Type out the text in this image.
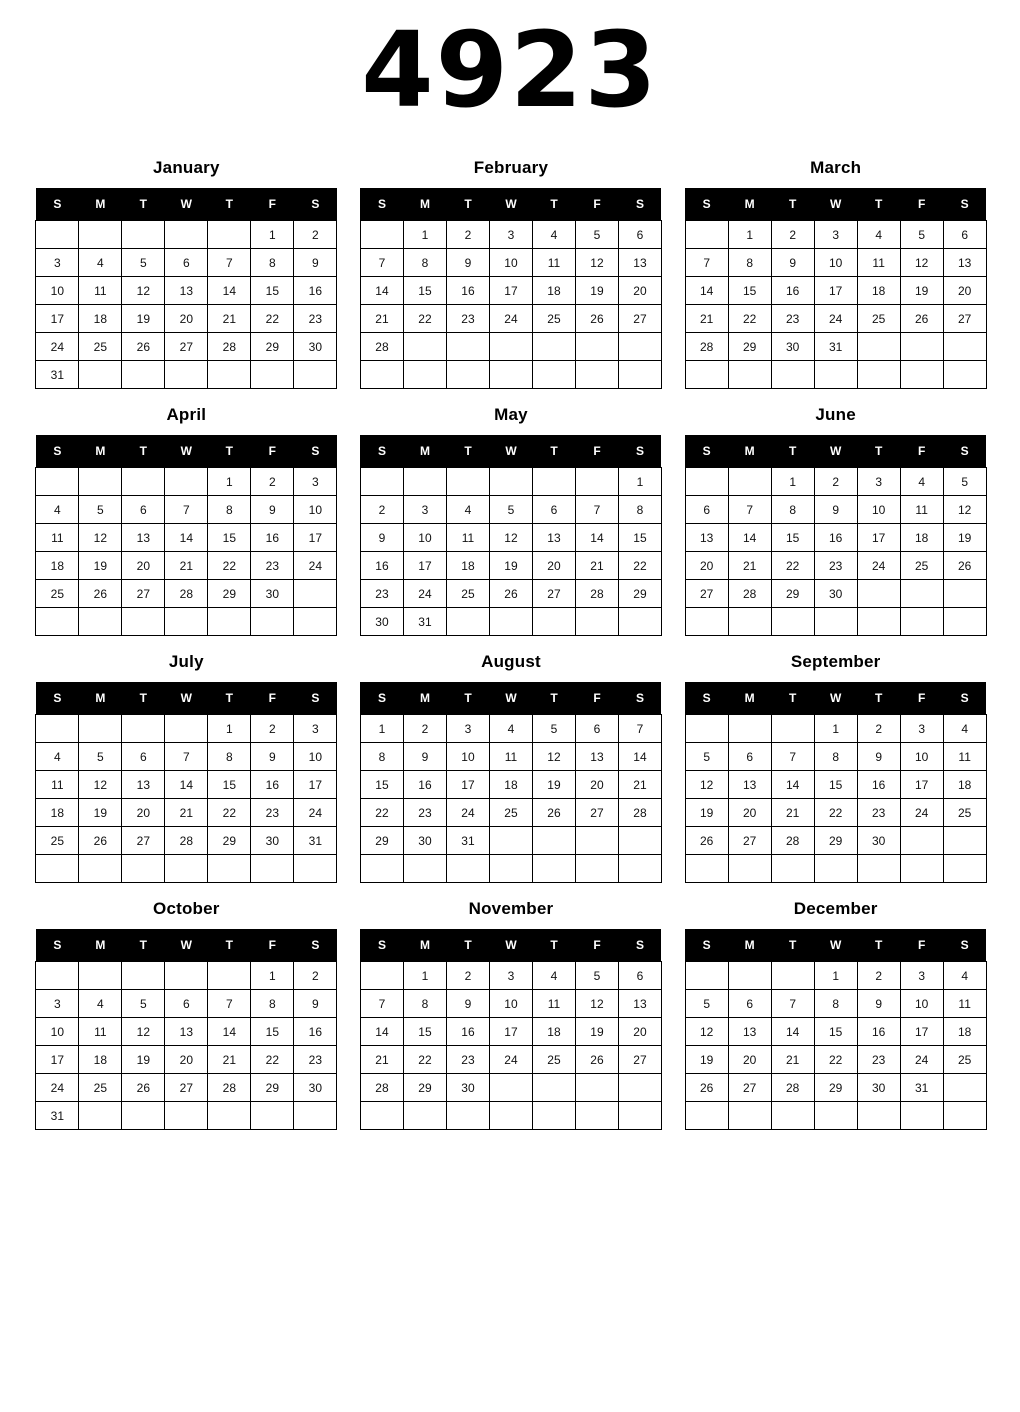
4923
January
S	M	T	W	T	F	S
					1	2
3	4	5	6	7	8	9
10	11	12	13	14	15	16
17	18	19	20	21	22	23
24	25	26	27	28	29	30
31						
February
S	M	T	W	T	F	S
	1	2	3	4	5	6
7	8	9	10	11	12	13
14	15	16	17	18	19	20
21	22	23	24	25	26	27
28						

March
S	M	T	W	T	F	S
	1	2	3	4	5	6
7	8	9	10	11	12	13
14	15	16	17	18	19	20
21	22	23	24	25	26	27
28	29	30	31			

April
S	M	T	W	T	F	S
				1	2	3
4	5	6	7	8	9	10
11	12	13	14	15	16	17
18	19	20	21	22	23	24
25	26	27	28	29	30	

May
S	M	T	W	T	F	S
						1
2	3	4	5	6	7	8
9	10	11	12	13	14	15
16	17	18	19	20	21	22
23	24	25	26	27	28	29
30	31					
June
S	M	T	W	T	F	S
		1	2	3	4	5
6	7	8	9	10	11	12
13	14	15	16	17	18	19
20	21	22	23	24	25	26
27	28	29	30			

July
S	M	T	W	T	F	S
				1	2	3
4	5	6	7	8	9	10
11	12	13	14	15	16	17
18	19	20	21	22	23	24
25	26	27	28	29	30	31

August
S	M	T	W	T	F	S
1	2	3	4	5	6	7
8	9	10	11	12	13	14
15	16	17	18	19	20	21
22	23	24	25	26	27	28
29	30	31				

September
S	M	T	W	T	F	S
			1	2	3	4
5	6	7	8	9	10	11
12	13	14	15	16	17	18
19	20	21	22	23	24	25
26	27	28	29	30		

October
S	M	T	W	T	F	S
					1	2
3	4	5	6	7	8	9
10	11	12	13	14	15	16
17	18	19	20	21	22	23
24	25	26	27	28	29	30
31						
November
S	M	T	W	T	F	S
	1	2	3	4	5	6
7	8	9	10	11	12	13
14	15	16	17	18	19	20
21	22	23	24	25	26	27
28	29	30				

December
S	M	T	W	T	F	S
			1	2	3	4
5	6	7	8	9	10	11
12	13	14	15	16	17	18
19	20	21	22	23	24	25
26	27	28	29	30	31	
